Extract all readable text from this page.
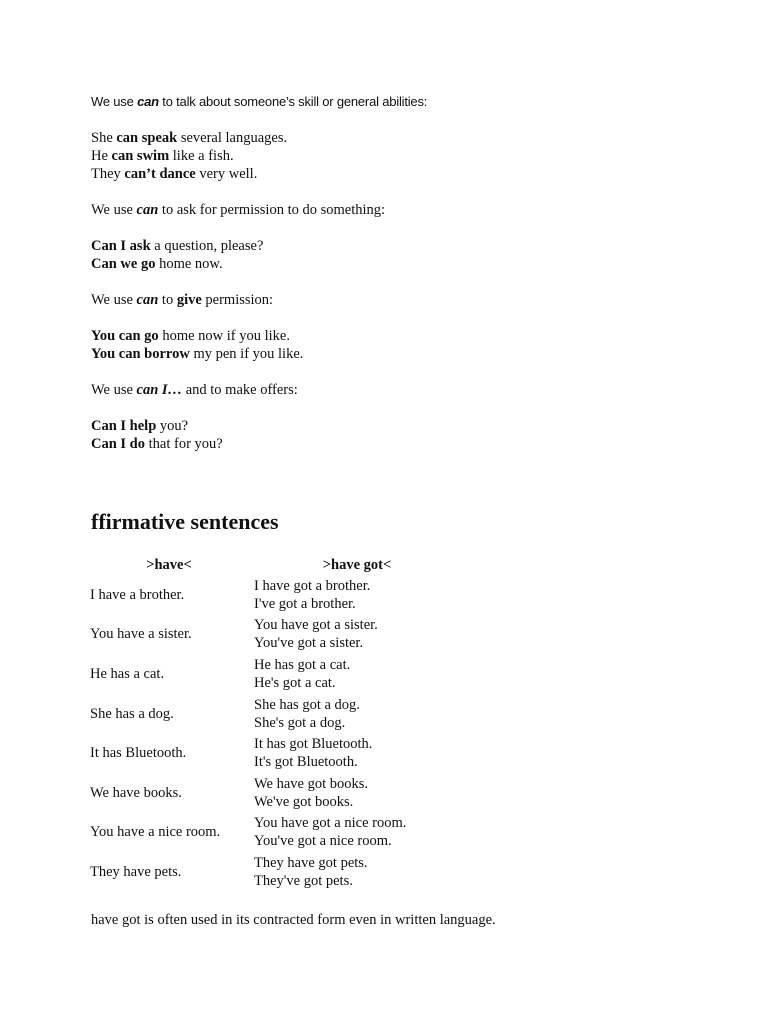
We use can to talk about someone’s skill or general abilities:
She can speak several languages.
He can swim like a fish.
They can’t dance very well.
We use can to ask for permission to do something:
Can I ask a question, please?
Can we go home now.
We use can to give permission:
You can go home now if you like.
You can borrow my pen if you like.
We use can I… and to make offers:
Can I help you?
Can I do that for you?
ffirmative sentences
>have<	>have got<
I have a brother.	I have got a brother.
I've got a brother.

You have a sister.	You have got a sister.
You've got a sister.

He has a cat.	He has got a cat.
He's got a cat.

She has a dog.	She has got a dog.
She's got a dog.

It has Bluetooth.	It has got Bluetooth.
It's got Bluetooth.

We have books.	We have got books.
We've got books.

You have a nice room.	You have got a nice room.
You've got a nice room.

They have pets.	They have got pets.
They've got pets.
have got is often used in its contracted form even in written language.
